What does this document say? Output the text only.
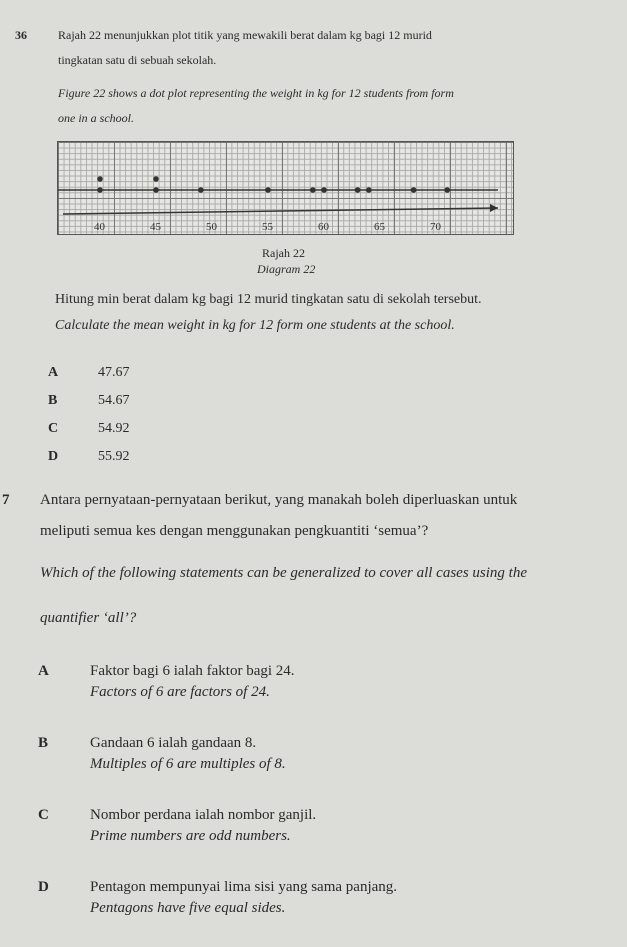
36	Rajah 22 menunjukkan plot titik yang mewakili berat dalam kg bagi 12 murid
tingkatan satu di sebuah sekolah.
Figure 22 shows a dot plot representing the weight in kg for 12 students from form
one in a school.
40	45	50	55	60	65	70
Rajah 22
Diagram 22
Hitung min berat dalam kg bagi 12 murid tingkatan satu di sekolah tersebut.
Calculate the mean weight in kg for 12 form one students at the school.
A	47.67
B	54.67
C	54.92
D	55.92
7 Antara pernyataan-pernyataan berikut, yang manakah boleh diperluaskan untuk
meliputi semua kes dengan menggunakan pengkuantiti ‘semua’?
Which of the following statements can be generalized to cover all cases using the
quantifier ‘all’?
A	Faktor bagi 6 ialah faktor bagi 24.
Factors of 6 are factors of 24.
B	Gandaan 6 ialah gandaan 8.
Multiples of 6 are multiples of 8.
C	Nombor perdana ialah nombor ganjil.
Prime numbers are odd numbers.
D	Pentagon mempunyai lima sisi yang sama panjang.
Pentagons have five equal sides.
